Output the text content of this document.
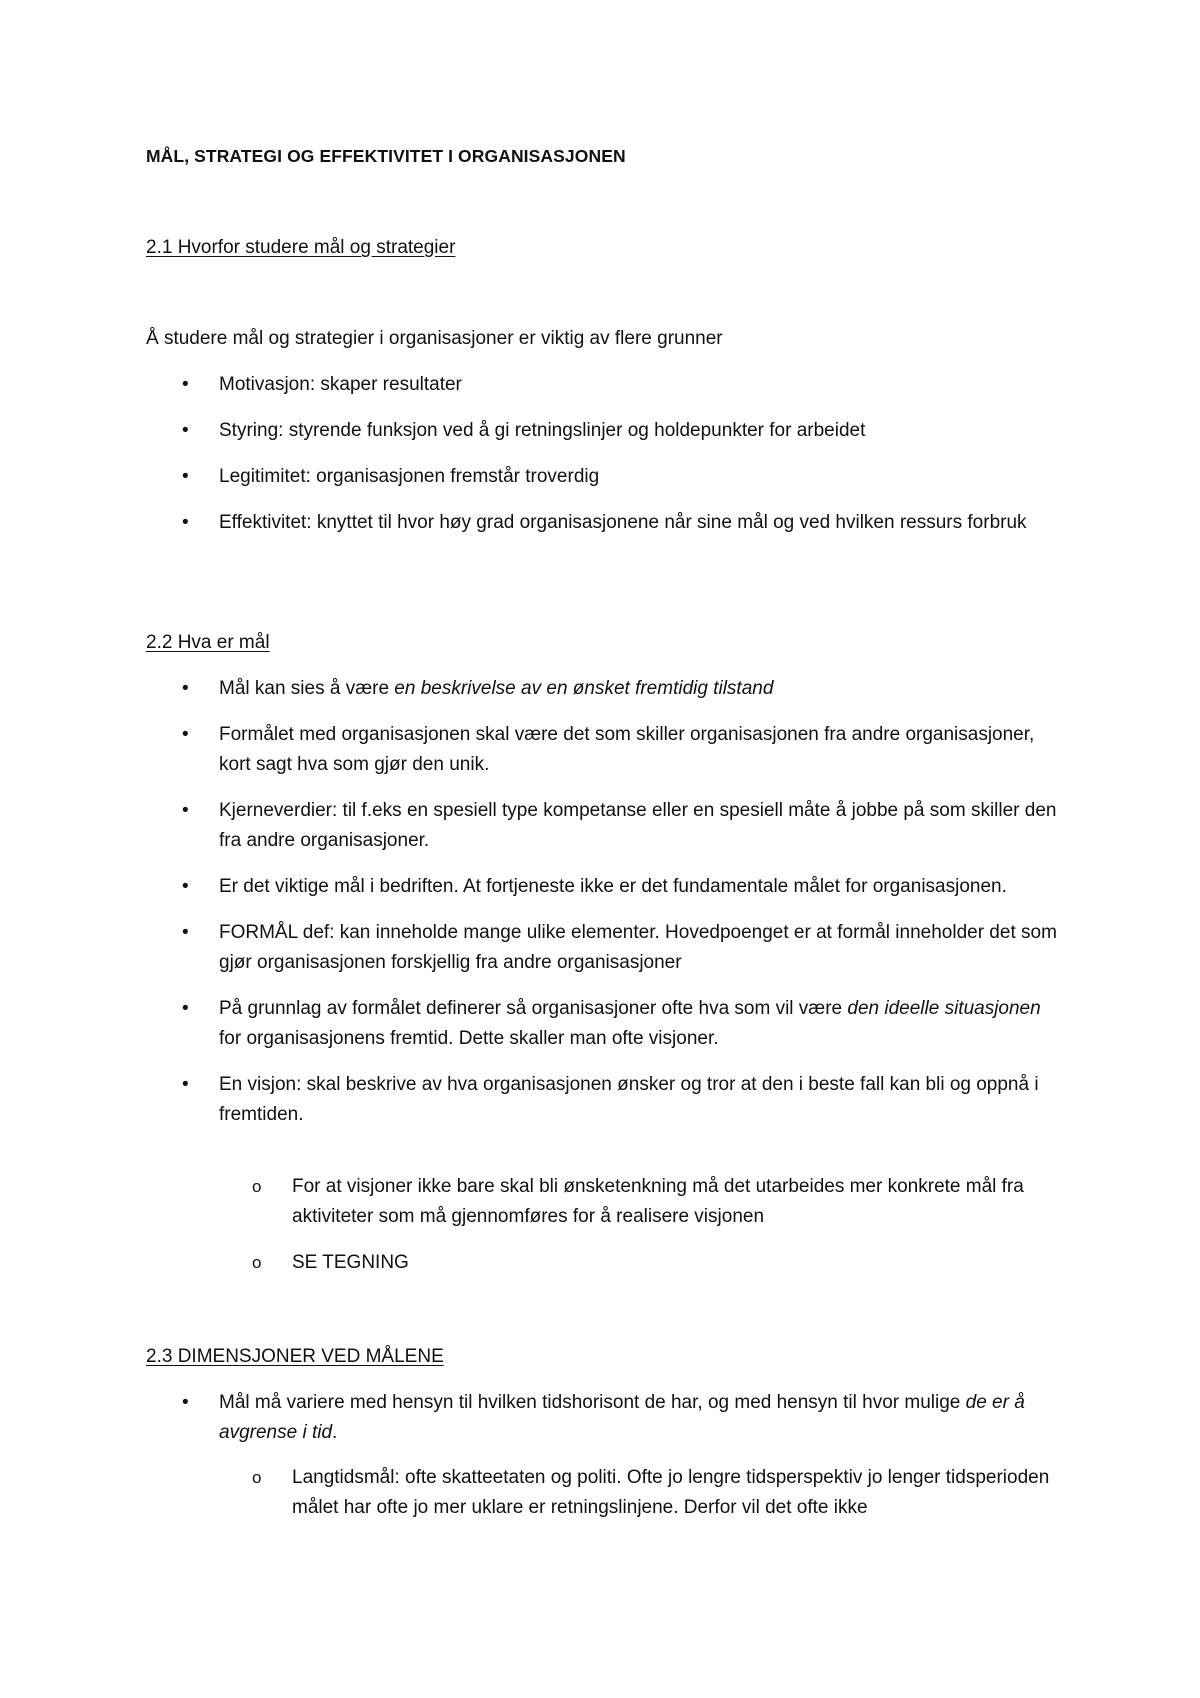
MÅL, STRATEGI OG EFFEKTIVITET I ORGANISASJONEN
2.1 Hvorfor studere mål og strategier
Å studere mål og strategier i organisasjoner er viktig av flere grunner
• Motivasjon: skaper resultater
• Styring: styrende funksjon ved å gi retningslinjer og holdepunkter for arbeidet
• Legitimitet: organisasjonen fremstår troverdig
• Effektivitet: knyttet til hvor høy grad organisasjonene når sine mål og ved hvilken ressurs forbruk
2.2 Hva er mål
• Mål kan sies å være en beskrivelse av en ønsket fremtidig tilstand
• Formålet med organisasjonen skal være det som skiller organisasjonen fra andre organisasjoner, kort sagt hva som gjør den unik.
• Kjerneverdier: til f.eks en spesiell type kompetanse eller en spesiell måte å jobbe på som skiller den fra andre organisasjoner.
• Er det viktige mål i bedriften. At fortjeneste ikke er det fundamentale målet for organisasjonen.
• FORMÅL def: kan inneholde mange ulike elementer. Hovedpoenget er at formål inneholder det som gjør organisasjonen forskjellig fra andre organisasjoner
• På grunnlag av formålet definerer så organisasjoner ofte hva som vil være den ideelle situasjonen for organisasjonens fremtid. Dette skaller man ofte visjoner.
• En visjon: skal beskrive av hva organisasjonen ønsker og tror at den i beste fall kan bli og oppnå i fremtiden.
o For at visjoner ikke bare skal bli ønsketenkning må det utarbeides mer konkrete mål fra aktiviteter som må gjennomføres for å realisere visjonen
o SE TEGNING
2.3 DIMENSJONER VED MÅLENE
• Mål må variere med hensyn til hvilken tidshorisont de har, og med hensyn til hvor mulige de er å avgrense i tid.
o Langtidsmål: ofte skatteetaten og politi. Ofte jo lengre tidsperspektiv jo lenger tidsperioden målet har ofte jo mer uklare er retningslinjene. Derfor vil det ofte ikke
